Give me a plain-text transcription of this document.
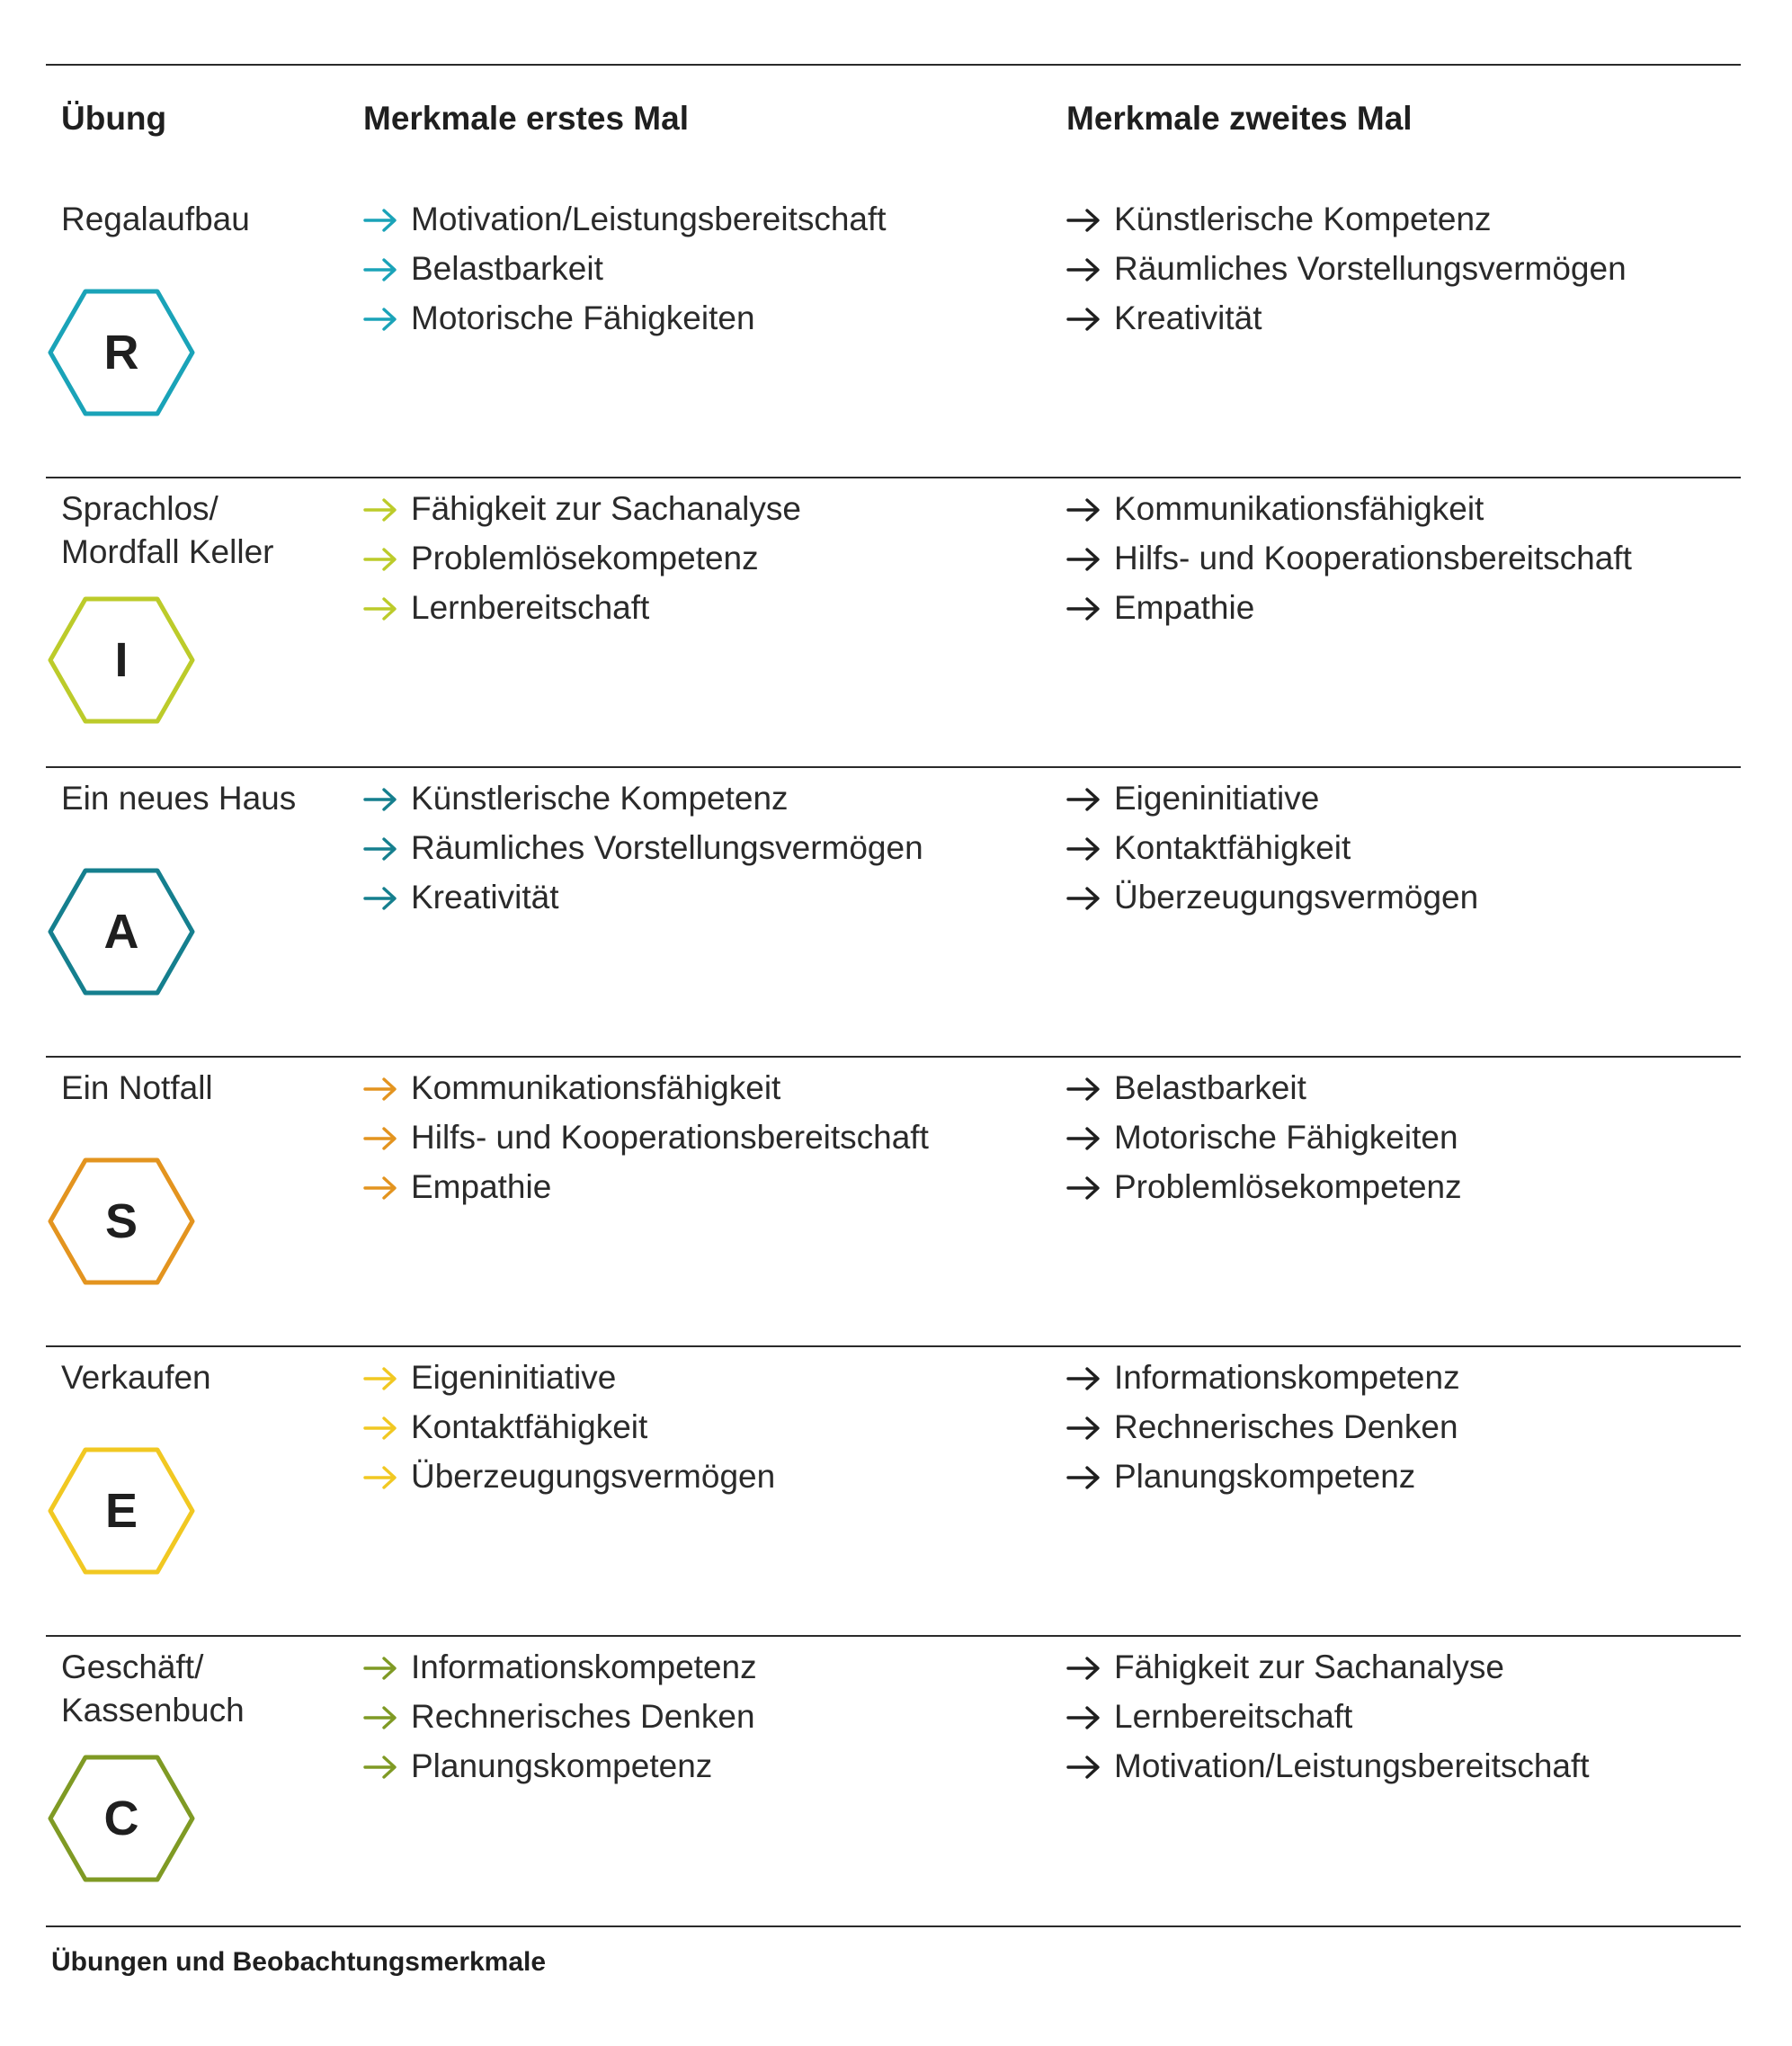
Übung	Merkmale erstes Mal	Merkmale zweites Mal
Regalaufbau
R
Motivation/Leistungsbereitschaft
Belastbarkeit
Motorische Fähigkeiten
Künstlerische Kompetenz
Räumliches Vorstellungsvermögen
Kreativität
Sprachlos/
Mordfall Keller
I
Fähigkeit zur Sachanalyse
Problemlösekompetenz
Lernbereitschaft
Kommunikationsfähigkeit
Hilfs- und Kooperationsbereitschaft
Empathie
Ein neues Haus
A
Künstlerische Kompetenz
Räumliches Vorstellungsvermögen
Kreativität
Eigeninitiative
Kontaktfähigkeit
Überzeugungsvermögen
Ein Notfall
S
Kommunikationsfähigkeit
Hilfs- und Kooperationsbereitschaft
Empathie
Belastbarkeit
Motorische Fähigkeiten
Problemlösekompetenz
Verkaufen
E
Eigeninitiative
Kontaktfähigkeit
Überzeugungsvermögen
Informationskompetenz
Rechnerisches Denken
Planungskompetenz
Geschäft/
Kassenbuch
C
Informationskompetenz
Rechnerisches Denken
Planungskompetenz
Fähigkeit zur Sachanalyse
Lernbereitschaft
Motivation/Leistungsbereitschaft
Übungen und Beobachtungsmerkmale
